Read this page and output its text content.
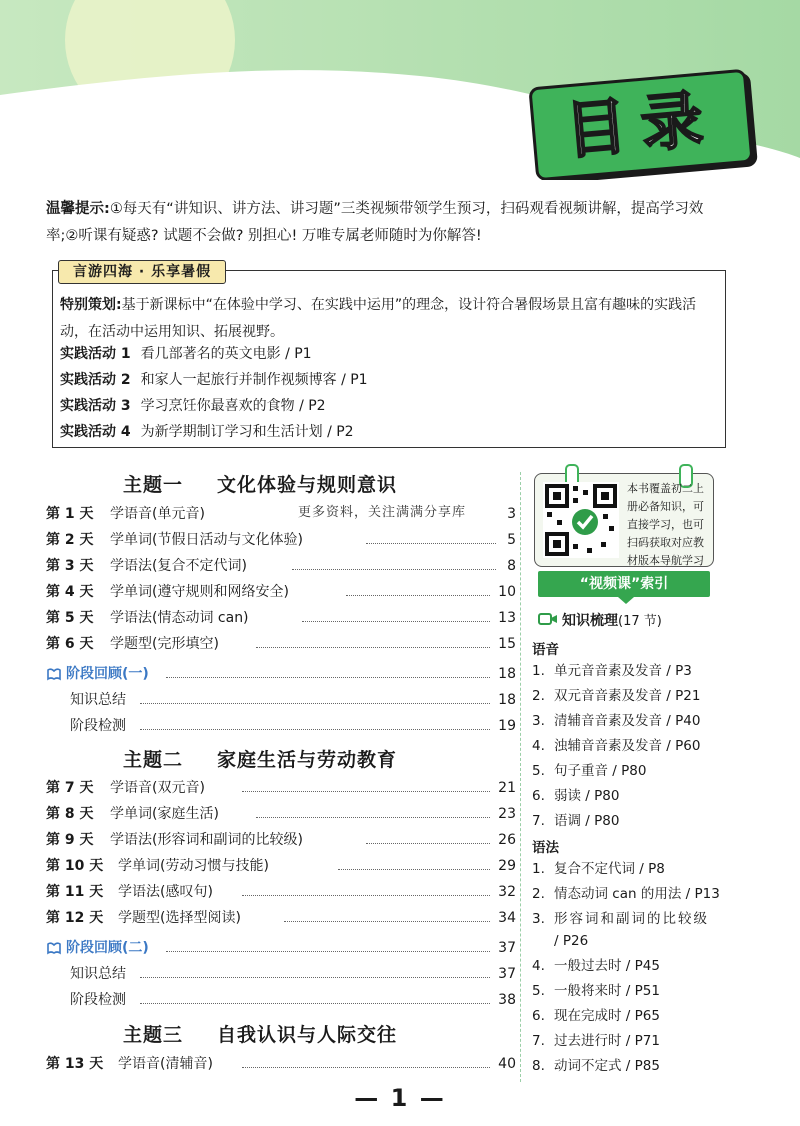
目录
温馨提示:①每天有“讲知识、讲方法、讲习题”三类视频带领学生预习，扫码观看视频讲解，提高学习效
率;②听课有疑惑? 试题不会做? 别担心! 万唯专属老师随时为你解答!
言游四海 · 乐享暑假
特别策划:基于新课标中“在体验中学习、在实践中运用”的理念，设计符合暑假场景且富有趣味的实践活
动，在活动中运用知识、拓展视野。
实践活动 1 看几部著名的英文电影 / P1
实践活动 2 和家人一起旅行并制作视频博客 / P1
实践活动 3 学习烹饪你最喜欢的食物 / P2
实践活动 4 为新学期制订学习和生活计划 / P2
主题一 文化体验与规则意识
更多资料，关注满满分享库
第 1 天 学语音(单元音)	3
第 2 天 学单词(节假日活动与文化体验)	5
第 3 天 学语法(复合不定代词)	8
第 4 天 学单词(遵守规则和网络安全)	10
第 5 天 学语法(情态动词 can)	13
第 6 天 学题型(完形填空)	15
阶段回顾(一)	18
知识总结	18
阶段检测	19
主题二 家庭生活与劳动教育
第 7 天 学语音(双元音)	21
第 8 天 学单词(家庭生活)	23
第 9 天 学语法(形容词和副词的比较级)	26
第 10 天 学单词(劳动习惯与技能)	29
第 11 天 学语法(感叹句)	32
第 12 天 学题型(选择型阅读)	34
阶段回顾(二)	37
知识总结	37
阶段检测	38
主题三 自我认识与人际交往
第 13 天 学语音(清辅音)	40
本书覆盖初二上
册必备知识，可
直接学习，也可
扫码获取对应教
材版本导航学习
“视频课”索引
知识梳理(17 节)
语音
1. 单元音音素及发音 / P3
2. 双元音音素及发音 / P21
3. 清辅音音素及发音 / P40
4. 浊辅音音素及发音 / P60
5. 句子重音 / P80
6. 弱读 / P80
7. 语调 / P80
语法
1. 复合不定代词 / P8
2. 情态动词 can 的用法 / P13
3. 形容词和副词的比较级
/ P26
4. 一般过去时 / P45
5. 一般将来时 / P51
6. 现在完成时 / P65
7. 过去进行时 / P71
8. 动词不定式 / P85
— 1 —
